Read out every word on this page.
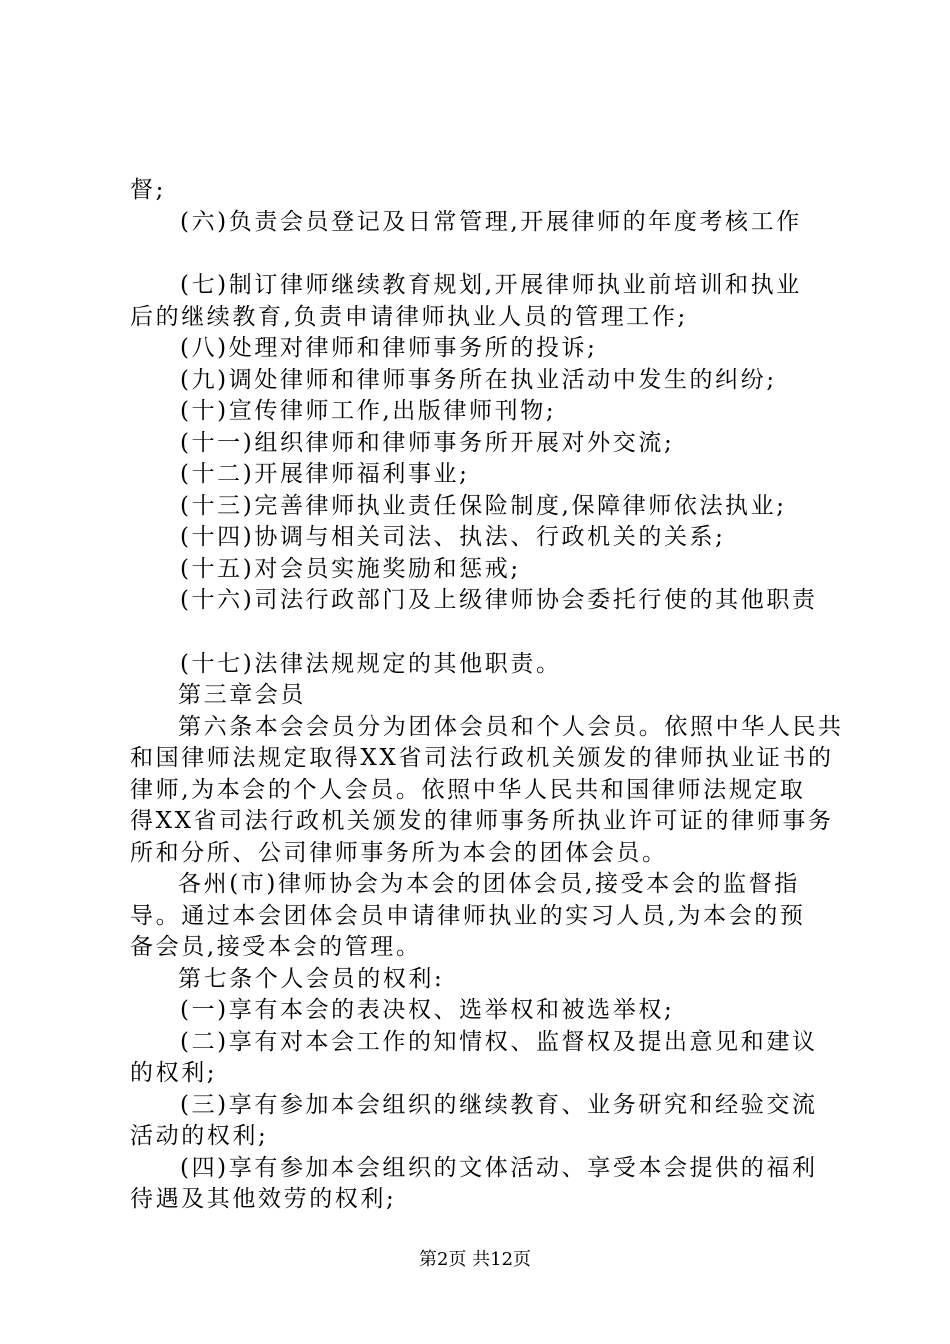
督;
(六)负责会员登记及日常管理,开展律师的年度考核工作
(七)制订律师继续教育规划,开展律师执业前培训和执业
后的继续教育,负责申请律师执业人员的管理工作;
(八)处理对律师和律师事务所的投诉;
(九)调处律师和律师事务所在执业活动中发生的纠纷;
(十)宣传律师工作,出版律师刊物;
(十一)组织律师和律师事务所开展对外交流;
(十二)开展律师福利事业;
(十三)完善律师执业责任保险制度,保障律师依法执业;
(十四)协调与相关司法、执法、行政机关的关系;
(十五)对会员实施奖励和惩戒;
(十六)司法行政部门及上级律师协会委托行使的其他职责
(十七)法律法规规定的其他职责。
第三章会员
第六条本会会员分为团体会员和个人会员。依照中华人民共
和国律师法规定取得XX省司法行政机关颁发的律师执业证书的
律师,为本会的个人会员。依照中华人民共和国律师法规定取
得XX省司法行政机关颁发的律师事务所执业许可证的律师事务
所和分所、公司律师事务所为本会的团体会员。
各州(市)律师协会为本会的团体会员,接受本会的监督指
导。通过本会团体会员申请律师执业的实习人员,为本会的预
备会员,接受本会的管理。
第七条个人会员的权利:
(一)享有本会的表决权、选举权和被选举权;
(二)享有对本会工作的知情权、监督权及提出意见和建议
的权利;
(三)享有参加本会组织的继续教育、业务研究和经验交流
活动的权利;
(四)享有参加本会组织的文体活动、享受本会提供的福利
待遇及其他效劳的权利;
第2页 共12页
